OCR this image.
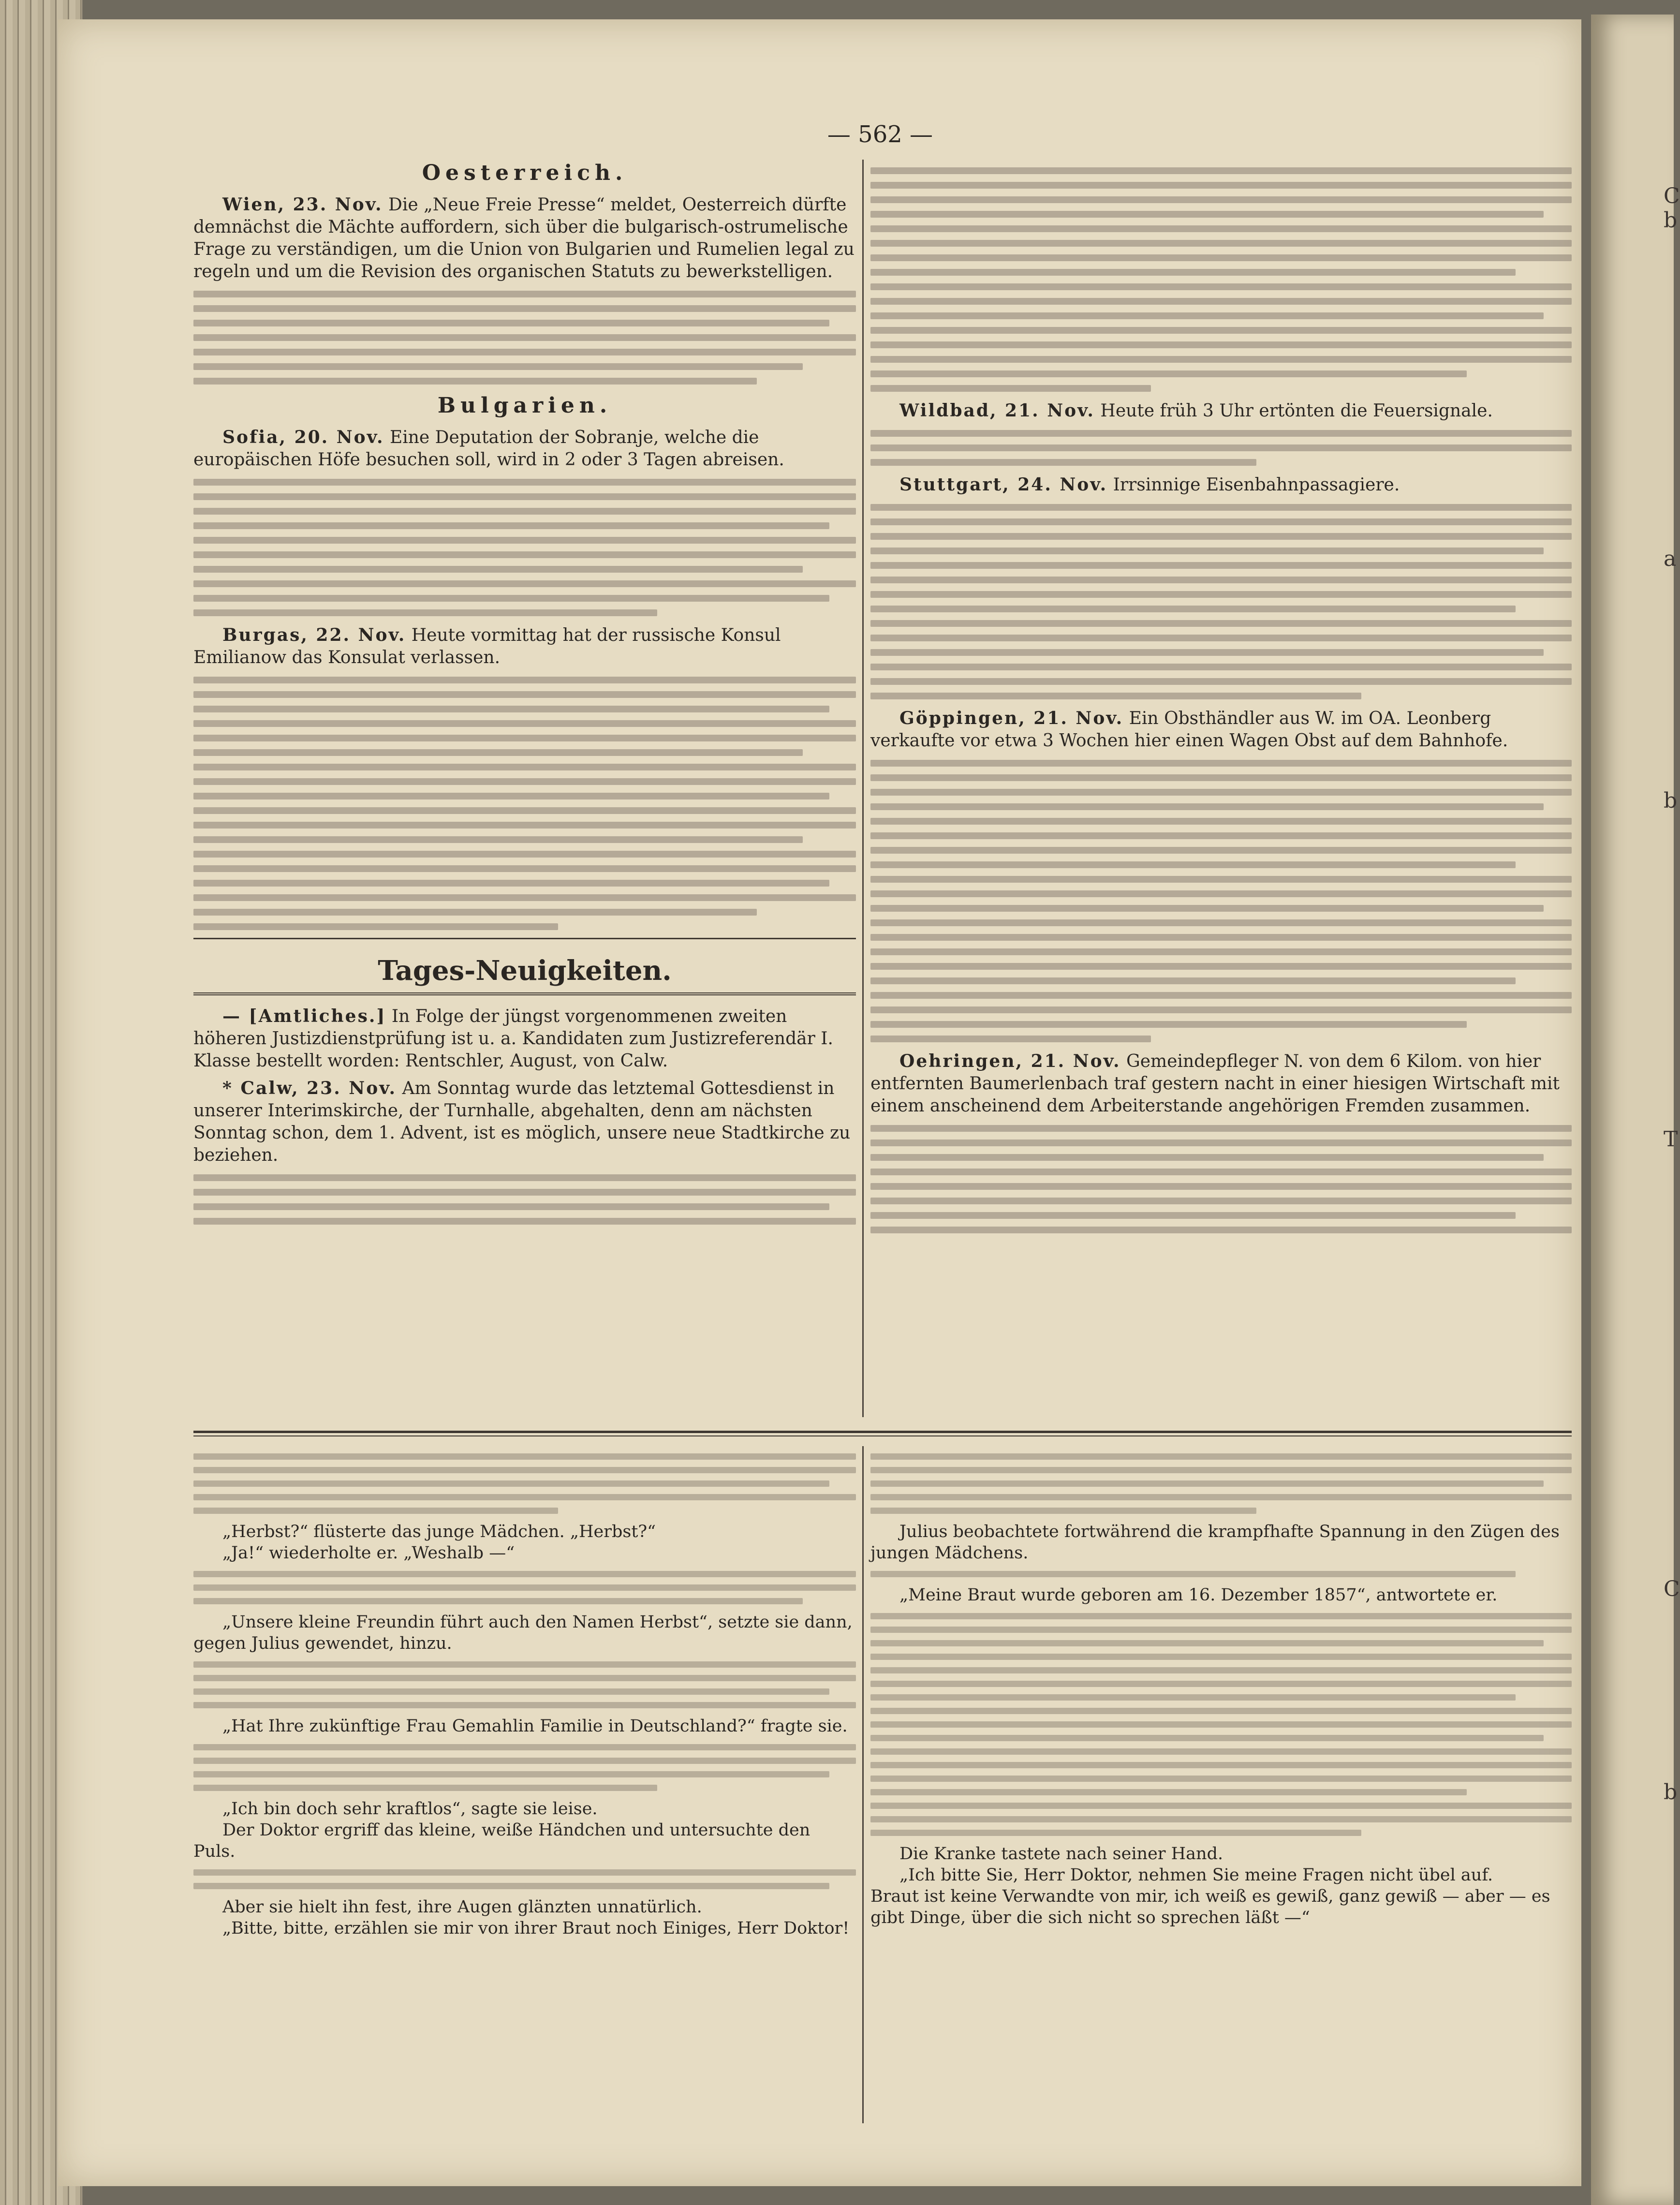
C
b
a
b
T
C
b
— 562 —
Oesterreich.

Wien, 23. Nov. Die „Neue Freie Presse“ meldet, Oesterreich dürfte demnächst die Mächte auffordern, sich über die bulgarisch-ostrumelische Frage zu verständigen, um die Union von Bulgarien und Rumelien legal zu regeln und um die Revision des organischen Statuts zu bewerkstelligen.

Bulgarien.

Sofia, 20. Nov. Eine Deputation der Sobranje, welche die europäischen Höfe besuchen soll, wird in 2 oder 3 Tagen abreisen.

Burgas, 22. Nov. Heute vormittag hat der russische Konsul Emilianow das Konsulat verlassen.

Tages-Neuigkeiten.

— [Amtliches.] In Folge der jüngst vorgenommenen zweiten höheren Justizdienstprüfung ist u. a. Kandidaten zum Justizreferendär I. Klasse bestellt worden: Rentschler, August, von Calw.

* Calw, 23. Nov. Am Sonntag wurde das letztemal Gottesdienst in unserer Interimskirche, der Turnhalle, abgehalten, denn am nächsten Sonntag schon, dem 1. Advent, ist es möglich, unsere neue Stadtkirche zu beziehen.

Wildbad, 21. Nov. Heute früh 3 Uhr ertönten die Feuersignale.

Stuttgart, 24. Nov. Irrsinnige Eisenbahnpassagiere.

Göppingen, 21. Nov. Ein Obsthändler aus W. im OA. Leonberg verkaufte vor etwa 3 Wochen hier einen Wagen Obst auf dem Bahnhofe.

Oehringen, 21. Nov. Gemeindepfleger N. von dem 6 Kilom. von hier entfernten Baumerlenbach traf gestern nacht in einer hiesigen Wirtschaft mit einem anscheinend dem Arbeiterstande angehörigen Fremden zusammen.

„Herbst?“ flüsterte das junge Mädchen. „Herbst?“

„Ja!“ wiederholte er. „Weshalb —“

„Unsere kleine Freundin führt auch den Namen Herbst“, setzte sie dann, gegen Julius gewendet, hinzu.

„Hat Ihre zukünftige Frau Gemahlin Familie in Deutschland?“ fragte sie.

„Ich bin doch sehr kraftlos“, sagte sie leise.

Der Doktor ergriff das kleine, weiße Händchen und untersuchte den Puls.

Aber sie hielt ihn fest, ihre Augen glänzten unnatürlich.

„Bitte, bitte, erzählen sie mir von ihrer Braut noch Einiges, Herr Doktor!

Julius beobachtete fortwährend die krampfhafte Spannung in den Zügen des jungen Mädchens.

„Meine Braut wurde geboren am 16. Dezember 1857“, antwortete er.

Die Kranke tastete nach seiner Hand.

„Ich bitte Sie, Herr Doktor, nehmen Sie meine Fragen nicht übel auf.

Braut ist keine Verwandte von mir, ich weiß es gewiß, ganz gewiß — aber — es gibt Dinge, über die sich nicht so sprechen läßt —“
